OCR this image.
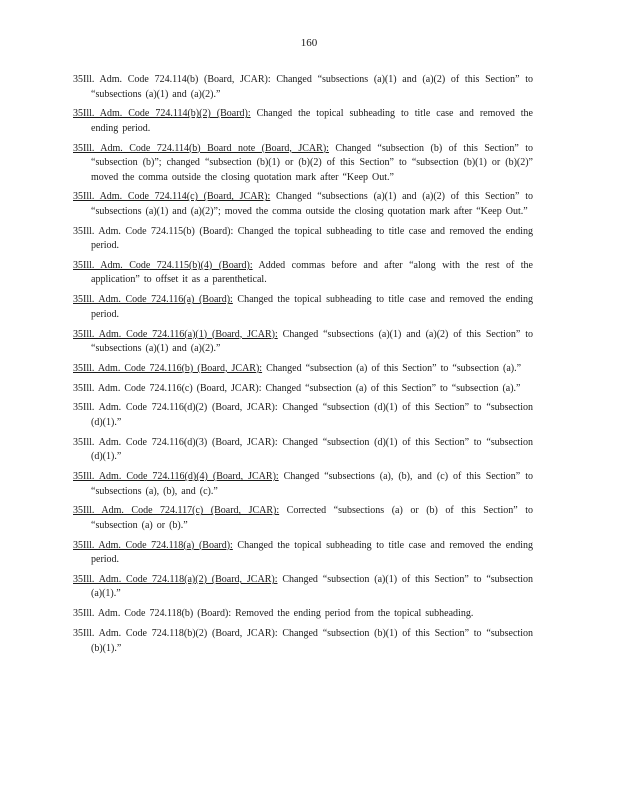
160

35Ill. Adm. Code 724.114(b) (Board, JCAR): Changed “subsections (a)(1) and (a)(2) of this Section” to “subsections (a)(1) and (a)(2).”

35Ill. Adm. Code 724.114(b)(2) (Board): Changed the topical subheading to title case and removed the ending period.

35Ill. Adm. Code 724.114(b) Board note (Board, JCAR): Changed “subsection (b) of this Section” to “subsection (b)”; changed “subsection (b)(1) or (b)(2) of this Section” to “subsection (b)(1) or (b)(2)” moved the comma outside the closing quotation mark after “Keep Out.”

35Ill. Adm. Code 724.114(c) (Board, JCAR): Changed “subsections (a)(1) and (a)(2) of this Section” to “subsections (a)(1) and (a)(2)”; moved the comma outside the closing quotation mark after “Keep Out.”

35Ill. Adm. Code 724.115(b) (Board): Changed the topical subheading to title case and removed the ending period.

35Ill. Adm. Code 724.115(b)(4) (Board): Added commas before and after “along with the rest of the application” to offset it as a parenthetical.

35Ill. Adm. Code 724.116(a) (Board): Changed the topical subheading to title case and removed the ending period.

35Ill. Adm. Code 724.116(a)(1) (Board, JCAR): Changed “subsections (a)(1) and (a)(2) of this Section” to “subsections (a)(1) and (a)(2).”

35Ill. Adm. Code 724.116(b) (Board, JCAR): Changed “subsection (a) of this Section” to “subsection (a).”

35Ill. Adm. Code 724.116(c) (Board, JCAR): Changed “subsection (a) of this Section” to “subsection (a).”

35Ill. Adm. Code 724.116(d)(2) (Board, JCAR): Changed “subsection (d)(1) of this Section” to “subsection (d)(1).”

35Ill. Adm. Code 724.116(d)(3) (Board, JCAR): Changed “subsection (d)(1) of this Section” to “subsection (d)(1).”

35Ill. Adm. Code 724.116(d)(4) (Board, JCAR): Changed “subsections (a), (b), and (c) of this Section” to “subsections (a), (b), and (c).”

35Ill. Adm. Code 724.117(c) (Board, JCAR): Corrected “subsections (a) or (b) of this Section” to “subsection (a) or (b).”

35Ill. Adm. Code 724.118(a) (Board): Changed the topical subheading to title case and removed the ending period.

35Ill. Adm. Code 724.118(a)(2) (Board, JCAR): Changed “subsection (a)(1) of this Section” to “subsection (a)(1).”

35Ill. Adm. Code 724.118(b) (Board): Removed the ending period from the topical subheading.

35Ill. Adm. Code 724.118(b)(2) (Board, JCAR): Changed “subsection (b)(1) of this Section” to “subsection (b)(1).”
